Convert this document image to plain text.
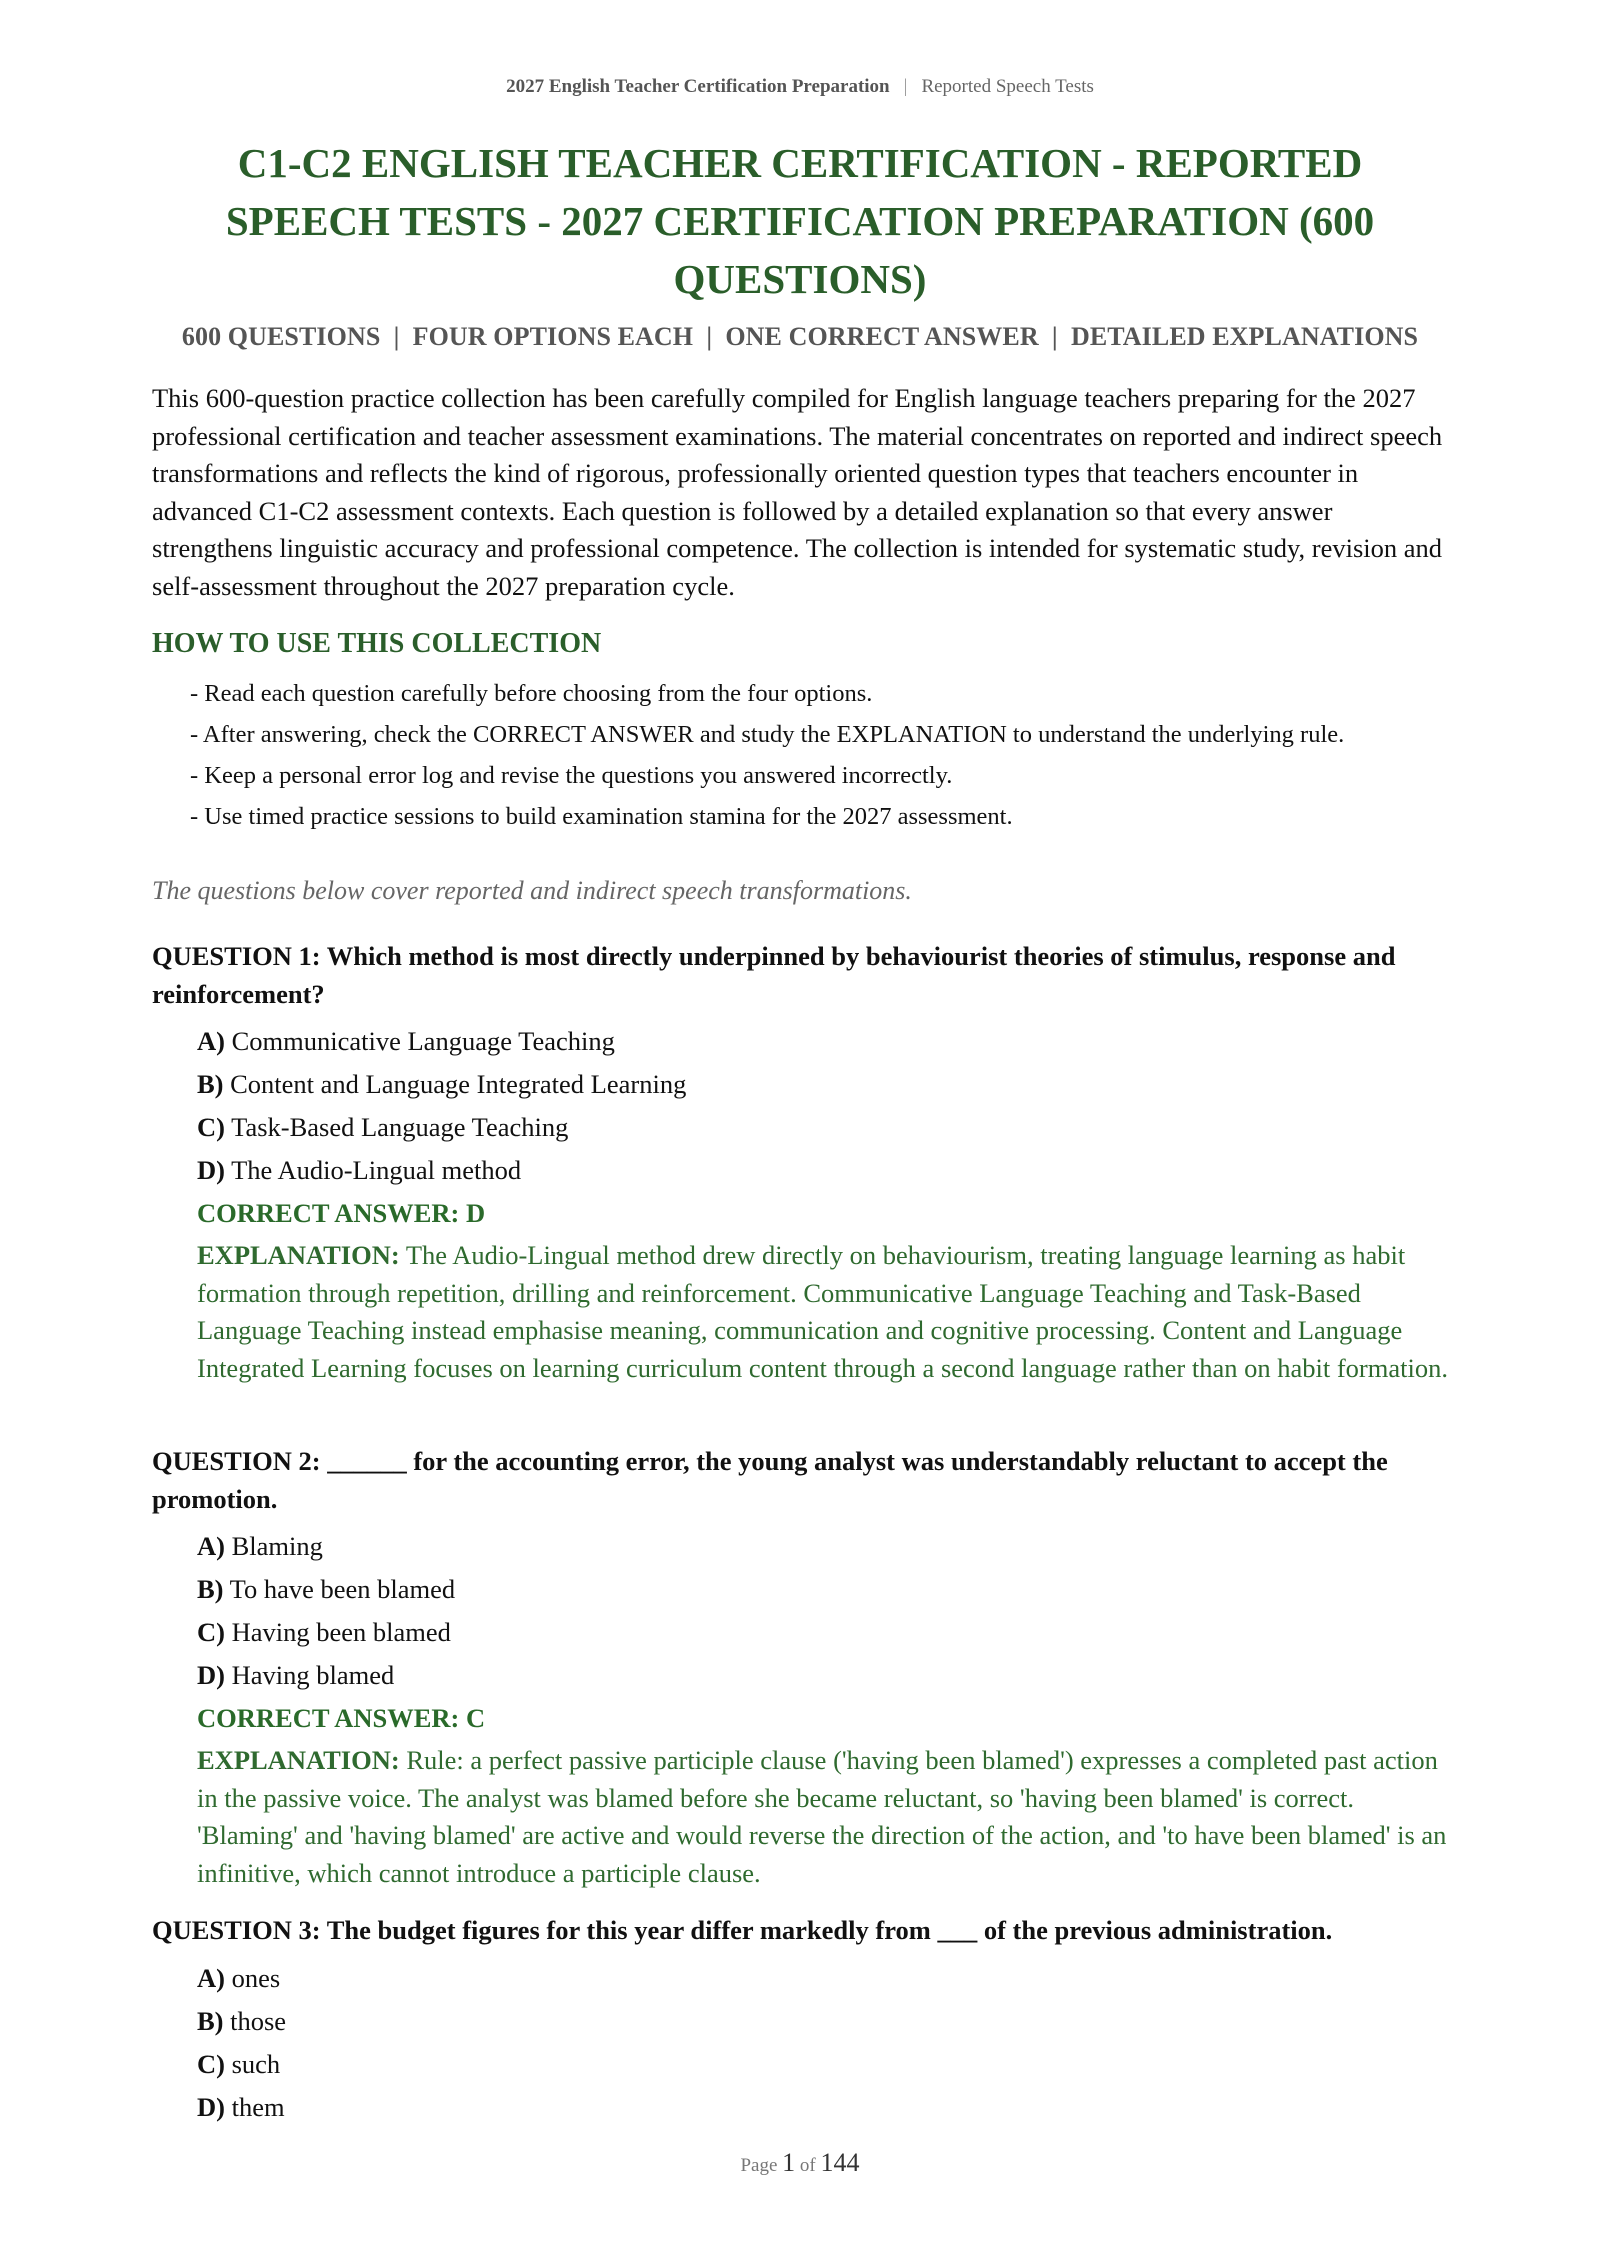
2027 English Teacher Certification Preparation | Reported Speech Tests
C1-C2 ENGLISH TEACHER CERTIFICATION - REPORTED SPEECH TESTS - 2027 CERTIFICATION PREPARATION (600 QUESTIONS)
600 QUESTIONS  |  FOUR OPTIONS EACH  |  ONE CORRECT ANSWER  |  DETAILED EXPLANATIONS
This 600-question practice collection has been carefully compiled for English language teachers preparing for the 2027 professional certification and teacher assessment examinations. The material concentrates on reported and indirect speech transformations and reflects the kind of rigorous, professionally oriented question types that teachers encounter in advanced C1-C2 assessment contexts. Each question is followed by a detailed explanation so that every answer strengthens linguistic accuracy and professional competence. The collection is intended for systematic study, revision and self-assessment throughout the 2027 preparation cycle.
HOW TO USE THIS COLLECTION
- Read each question carefully before choosing from the four options.
- After answering, check the CORRECT ANSWER and study the EXPLANATION to understand the underlying rule.
- Keep a personal error log and revise the questions you answered incorrectly.
- Use timed practice sessions to build examination stamina for the 2027 assessment.
The questions below cover reported and indirect speech transformations.

QUESTION 1: Which method is most directly underpinned by behaviourist theories of stimulus, response and reinforcement?

A) Communicative Language Teaching
B) Content and Language Integrated Learning
C) Task-Based Language Teaching
D) The Audio-Lingual method
CORRECT ANSWER: D
EXPLANATION: The Audio-Lingual method drew directly on behaviourism, treating language learning as habit formation through repetition, drilling and reinforcement. Communicative Language Teaching and Task-Based Language Teaching instead emphasise meaning, communication and cognitive processing. Content and Language Integrated Learning focuses on learning curriculum content through a second language rather than on habit formation.

QUESTION 2: ______ for the accounting error, the young analyst was understandably reluctant to accept the promotion.

A) Blaming
B) To have been blamed
C) Having been blamed
D) Having blamed
CORRECT ANSWER: C
EXPLANATION: Rule: a perfect passive participle clause ('having been blamed') expresses a completed past action in the passive voice. The analyst was blamed before she became reluctant, so 'having been blamed' is correct. 'Blaming' and 'having blamed' are active and would reverse the direction of the action, and 'to have been blamed' is an infinitive, which cannot introduce a participle clause.

QUESTION 3: The budget figures for this year differ markedly from ___ of the previous administration.

A) ones
B) those
C) such
D) them
Page 1 of 144
